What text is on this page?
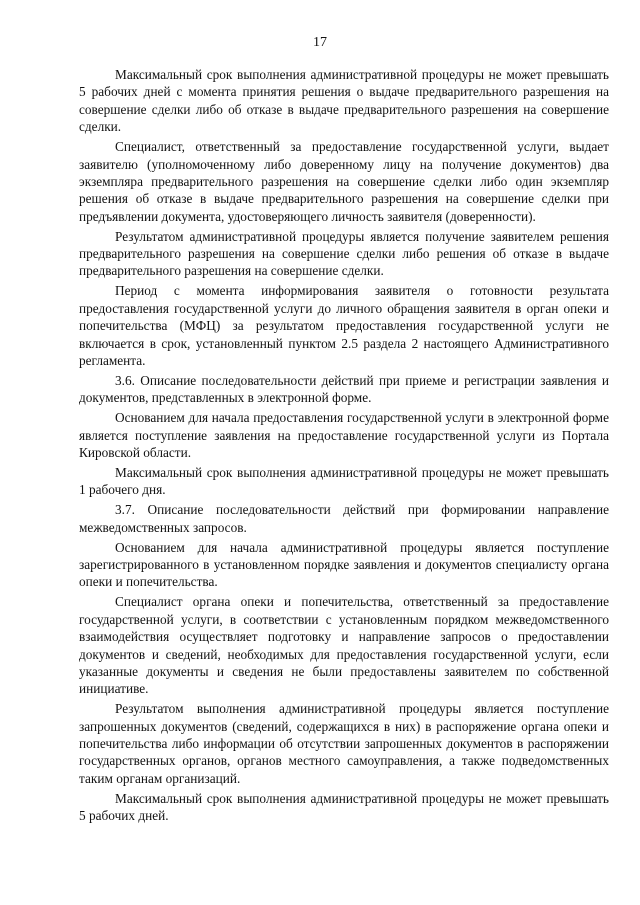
17

Максимальный срок выполнения административной процедуры не может превышать 5 рабочих дней с момента принятия решения о выдаче предварительного разрешения на совершение сделки либо об отказе в выдаче предварительного разрешения на совершение сделки.

Специалист, ответственный за предоставление государственной услуги, выдает заявителю (уполномоченному либо доверенному лицу на получение документов) два экземпляра предварительного разрешения на совершение сделки либо один экземпляр решения об отказе в выдаче предварительного разрешения на совершение сделки при предъявлении документа, удостоверяющего личность заявителя (доверенности).

Результатом административной процедуры является получение заявителем решения предварительного разрешения на совершение сделки либо решения об отказе в выдаче предварительного разрешения на совершение сделки.

Период с момента информирования заявителя о готовности результата предоставления государственной услуги до личного обращения заявителя в орган опеки и попечительства (МФЦ) за результатом предоставления государственной услуги не включается в срок, установленный пунктом 2.5 раздела 2 настоящего Административного регламента.

3.6. Описание последовательности действий при приеме и регистрации заявления и документов, представленных в электронной форме.

Основанием для начала предоставления государственной услуги в электронной форме является поступление заявления на предоставление государственной услуги из Портала Кировской области.

Максимальный срок выполнения административной процедуры не может превышать 1 рабочего дня.

3.7. Описание последовательности действий при формировании направление межведомственных запросов.

Основанием для начала административной процедуры является поступление зарегистрированного в установленном порядке заявления и документов специалисту органа опеки и попечительства.

Специалист органа опеки и попечительства, ответственный за предоставление государственной услуги, в соответствии с установленным порядком межведомственного взаимодействия осуществляет подготовку и направление запросов о предоставлении документов и сведений, необходимых для предоставления государственной услуги, если указанные документы и сведения не были предоставлены заявителем по собственной инициативе.

Результатом выполнения административной процедуры является поступление запрошенных документов (сведений, содержащихся в них) в распоряжение органа опеки и попечительства либо информации об отсутствии запрошенных документов в распоряжении государственных органов, органов местного самоуправления, а также подведомственных таким органам организаций.

Максимальный срок выполнения административной процедуры не может превышать 5 рабочих дней.
